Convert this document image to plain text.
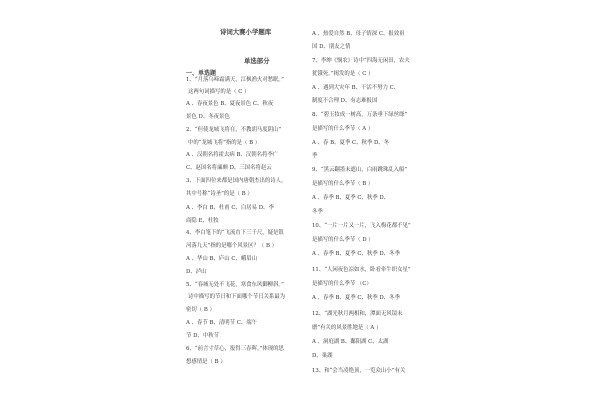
诗词大赛小学题库
单选部分
一、单选题
1、“月落乌啼霜满天，江枫渔火对愁眠。”
这两句词描写的是（ C ）
A 、春夜景色 B、夏夜景色 C、秋夜
景色 D、冬夜景色
2、“但使龙城飞将在，不教胡马度阴山”
中的“龙城飞将”指的是（ B ）
A 、汉朝名将霍去病 B、汉朝名将李广
C、赵国名将廉颇 D、三国名将赵云
3、下面四位来都是国内唐朝杰出的诗人，
其中号称“诗圣”的是（ B ）
A 、李白 B、杜甫 C、白居易 D、李
商隐 E、杜牧
4、李白笔下的“飞流直下三千尺，疑是银
河落九天”指的是哪个风景区？（ B ）
A 、华山 B、庐山 C、峨眉山
D、泸山
5、“春城无处不飞花，寒食东风御柳斜。”
诗中描写的节日和下面哪个节日关系最为
密切（ B ）
A 、春节 B、清明节 C、端午
节 D、中秋节
6、“前言寸草心，报得三春晖。”体现的思
想感情是（ B ）
A 、热爱自然 B、母子情深 C、报效祖
国 D、朋友之情
7、李绅《悯农》诗中“四海无闲田，农夫
犹饿死。”揭发的是（ C ）
A 、遇到大灾年 B、干活不努力 C、
制度不合理 D、有志难报国
8、“碧玉妆成一树高，万条垂下绿丝绦”
是描写的什么季节（ A ）
A 、春 B、夏季 C、秋季 D、冬
季
9、“黑云翻墨未遮山，白雨跳珠乱入船”
是描写的什么季节（ B ）
A 、春季 B、夏季 C、秋季 D、
冬季
10、“一片一片又一片，飞入梅花都不见”
是描写的什么季节（ D ）
A 、春季 B、夏季 C、秋季 D、冬季
11、“人闲夜色凉如水，卧看牵牛织女星”
是描写的什么季节 （C）
A 、春季 B、夏季 C、秋季 D、冬季
12、“湖光秋月两相和，潭面无风镜未
磨”有关的风景胜地是（ A ）
A 、洞庭湖 B、鄱阳湖 C、太湖
D、巢湖
13、和“会当凌绝顶，一览众山小”有关
